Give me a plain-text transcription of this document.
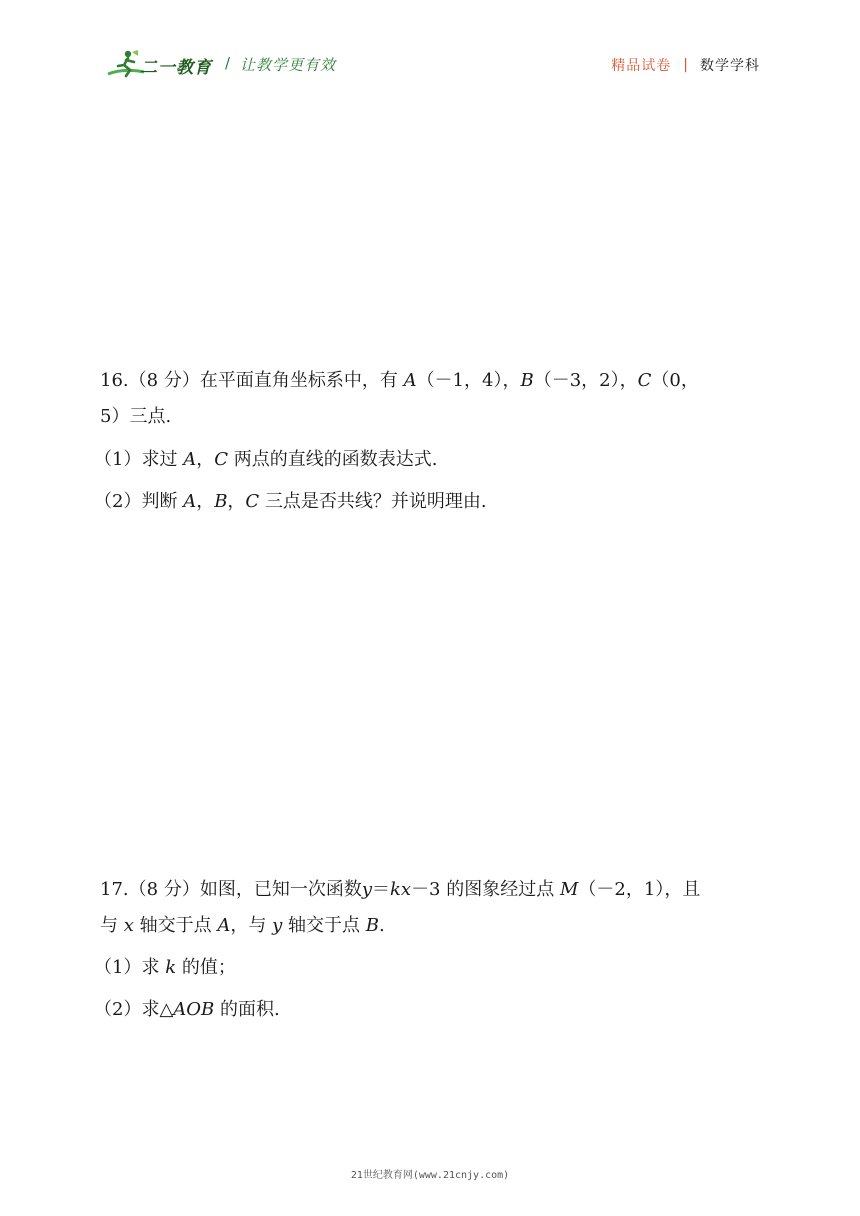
二一教育 / 让教学更有效	精品试卷 | 数学学科
16.（8 分）在平面直角坐标系中，有 A（－1，4），B（－3，2），C（0，
5）三点.
（1）求过 A，C 两点的直线的函数表达式.
（2）判断 A，B，C 三点是否共线？并说明理由.
17.（8 分）如图，已知一次函数y＝kx－3 的图象经过点 M（－2，1），且
与 x 轴交于点 A，与 y 轴交于点 B.
（1）求 k 的值；
（2）求△AOB 的面积.
21世纪教育网(www.21cnjy.com)
